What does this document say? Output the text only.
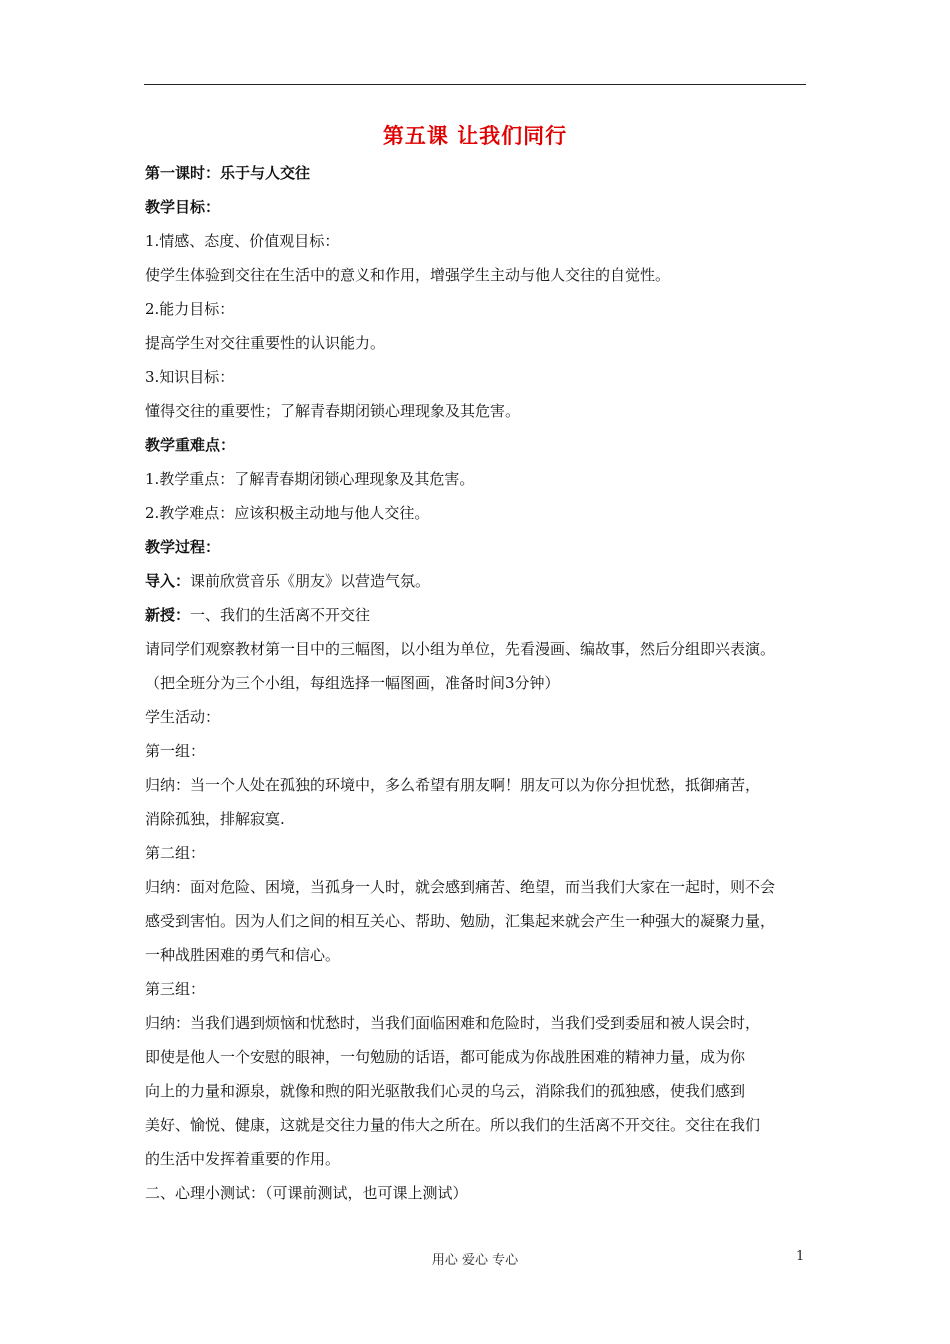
第五课 让我们同行
第一课时：乐于与人交往
教学目标：
1.情感、态度、价值观目标：
使学生体验到交往在生活中的意义和作用，增强学生主动与他人交往的自觉性。
2.能力目标：
提高学生对交往重要性的认识能力。
3.知识目标：
懂得交往的重要性；了解青春期闭锁心理现象及其危害。
教学重难点：
1.教学重点：了解青春期闭锁心理现象及其危害。
2.教学难点：应该积极主动地与他人交往。
教学过程：
导入：课前欣赏音乐《朋友》以营造气氛。
新授：一、我们的生活离不开交往
请同学们观察教材第一目中的三幅图，以小组为单位，先看漫画、编故事，然后分组即兴表演。
（把全班分为三个小组，每组选择一幅图画，准备时间3分钟）
学生活动：
第一组：
归纳：当一个人处在孤独的环境中，多么希望有朋友啊！朋友可以为你分担忧愁，抵御痛苦，
消除孤独，排解寂寞.
第二组：
归纳：面对危险、困境，当孤身一人时，就会感到痛苦、绝望，而当我们大家在一起时，则不会
感受到害怕。因为人们之间的相互关心、帮助、勉励，汇集起来就会产生一种强大的凝聚力量，
一种战胜困难的勇气和信心。
第三组：
归纳：当我们遇到烦恼和忧愁时，当我们面临困难和危险时，当我们受到委屈和被人误会时，
即使是他人一个安慰的眼神，一句勉励的话语，都可能成为你战胜困难的精神力量，成为你
向上的力量和源泉，就像和煦的阳光驱散我们心灵的乌云，消除我们的孤独感，使我们感到
美好、愉悦、健康，这就是交往力量的伟大之所在。所以我们的生活离不开交往。交往在我们
的生活中发挥着重要的作用。
二、心理小测试：（可课前测试，也可课上测试）
用心 爱心 专心	1
